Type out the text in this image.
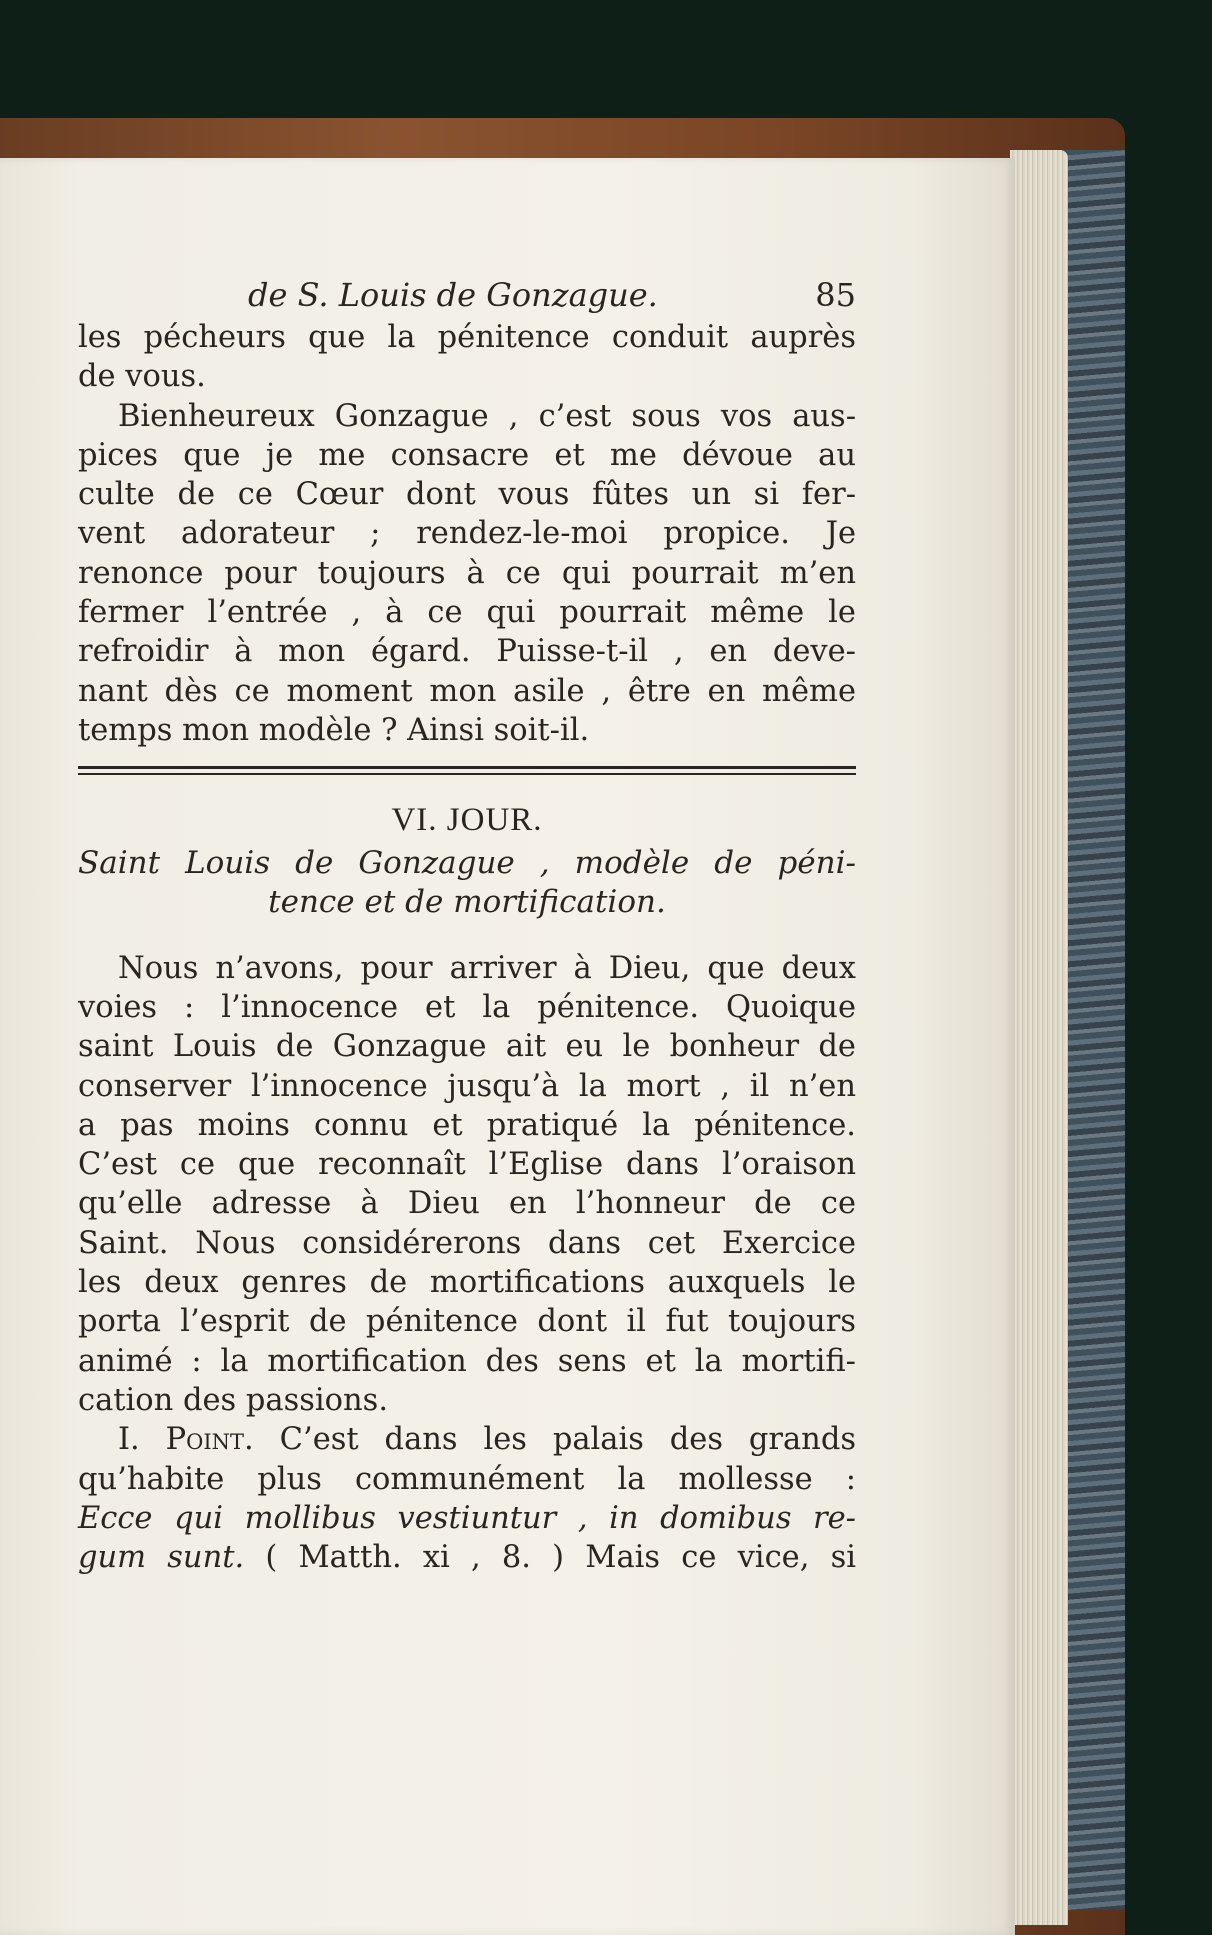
de S. Louis de Gonzague.	85
les pécheurs que la pénitence conduit auprès
de vous.
Bienheureux Gonzague , c’est sous vos aus-
pices que je me consacre et me dévoue au
culte de ce Cœur dont vous fûtes un si fer-
vent adorateur ; rendez-le-moi propice. Je
renonce pour toujours à ce qui pourrait m’en
fermer l’entrée , à ce qui pourrait même le
refroidir à mon égard. Puisse-t-il , en deve-
nant dès ce moment mon asile , être en même
temps mon modèle ? Ainsi soit-il.
VI. JOUR.
Saint Louis de Gonzague , modèle de péni-
tence et de mortification.
Nous n’avons, pour arriver à Dieu, que deux
voies : l’innocence et la pénitence. Quoique
saint Louis de Gonzague ait eu le bonheur de
conserver l’innocence jusqu’à la mort , il n’en
a pas moins connu et pratiqué la pénitence.
C’est ce que reconnaît l’Eglise dans l’oraison
qu’elle adresse à Dieu en l’honneur de ce
Saint. Nous considérerons dans cet Exercice
les deux genres de mortifications auxquels le
porta l’esprit de pénitence dont il fut toujours
animé : la mortification des sens et la mortifi-
cation des passions.
I. Point. C’est dans les palais des grands
qu’habite plus communément la mollesse :
Ecce qui mollibus vestiuntur , in domibus re-
gum sunt. ( Matth. xi , 8. ) Mais ce vice, si
